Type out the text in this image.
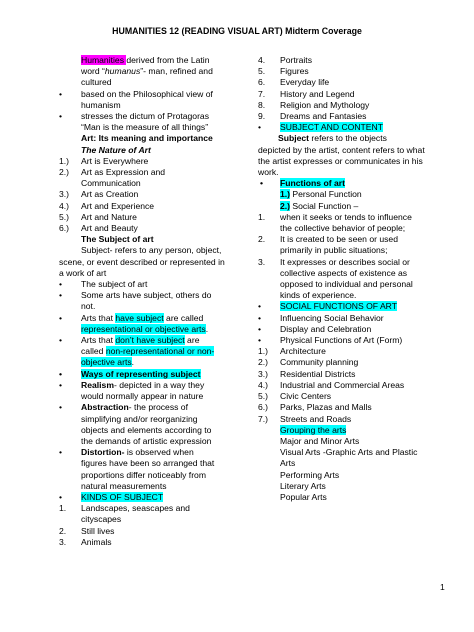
HUMANITIES 12 (READING VISUAL ART) Midterm Coverage
Humanities derived from the Latin
word “humanus”- man, refined and
cultured
• based on the Philosophical view of
humanism
• stresses the dictum of Protagoras
“Man is the measure of all things”
Art: Its meaning and importance
The Nature of Art
1.) Art is Everywhere
2.) Art as Expression and
Communication
3.) Art as Creation
4.) Art and Experience
5.) Art and Nature
6.) Art and Beauty
The Subject of art
Subject- refers to any person, object,
scene, or event described or represented in
a work of art
• The subject of art
• Some arts have subject, others do
not.
• Arts that have subject are called
representational or objective arts.
• Arts that don’t have subject are
called non-representational or non-
objective arts.
• Ways of representing subject
• Realism- depicted in a way they
would normally appear in nature
• Abstraction- the process of
simplifying and/or reorganizing
objects and elements according to
the demands of artistic expression
• Distortion- is observed when
figures have been so arranged that
proportions differ noticeably from
natural measurements
• KINDS OF SUBJECT
1. Landscapes, seascapes and
cityscapes
2. Still lives
3. Animals
4. Portraits
5. Figures
6. Everyday life
7. History and Legend
8. Religion and Mythology
9. Dreams and Fantasies
• SUBJECT AND CONTENT
Subject refers to the objects
depicted by the artist, content refers to what
the artist expresses or communicates in his
work.
• Functions of art
1.) Personal Function
2.) Social Function –
1. when it seeks or tends to influence
the collective behavior of people;
2. It is created to be seen or used
primarily in public situations;
3. It expresses or describes social or
collective aspects of existence as
opposed to individual and personal
kinds of experience.
• SOCIAL FUNCTIONS OF ART
• Influencing Social Behavior
• Display and Celebration
• Physical Functions of Art (Form)
1.) Architecture
2.) Community planning
3.) Residential Districts
4.) Industrial and Commercial Areas
5.) Civic Centers
6.) Parks, Plazas and Malls
7.) Streets and Roads
Grouping the arts
Major and Minor Arts
Visual Arts -Graphic Arts and Plastic
Arts
Performing Arts
Literary Arts
Popular Arts
1
